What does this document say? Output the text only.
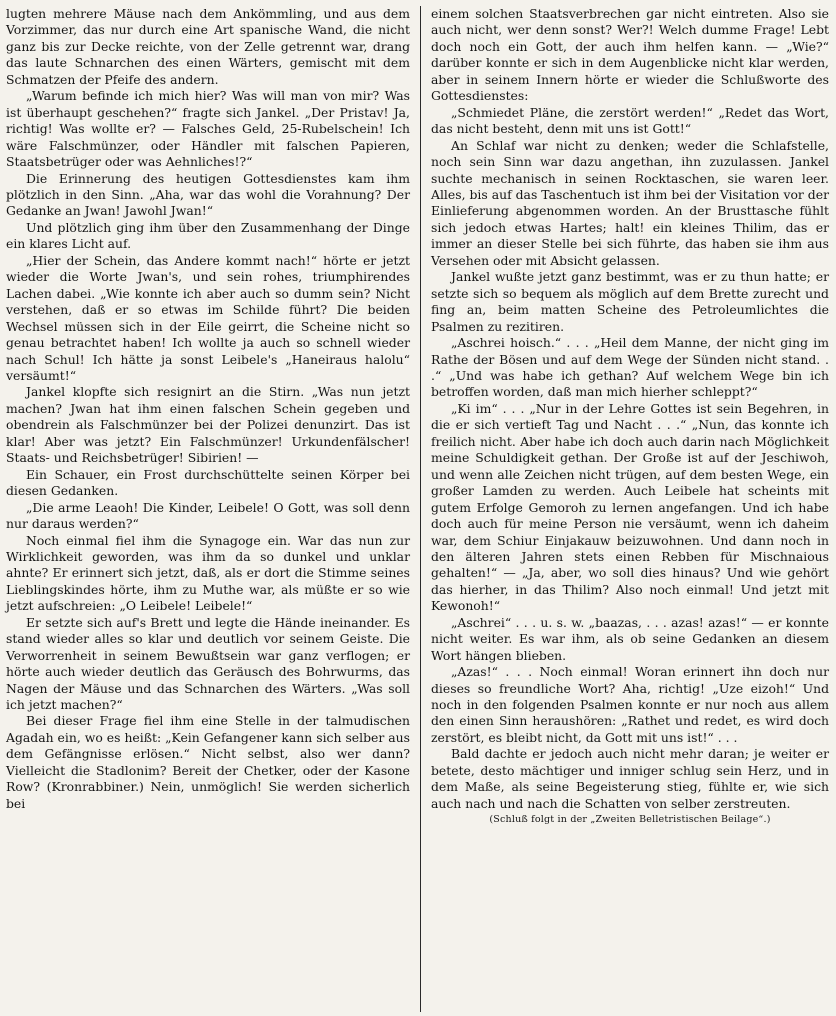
lugten mehrere Mäuse nach dem Ankömmling, und aus dem Vorzimmer, das nur durch eine Art spanische Wand, die nicht ganz bis zur Decke reichte, von der Zelle getrennt war, drang das laute Schnarchen des einen Wärters, gemischt mit dem Schmatzen der Pfeife des andern.

„Warum befinde ich mich hier? Was will man von mir? Was ist überhaupt geschehen?“ fragte sich Jankel. „Der Pristav! Ja, richtig! Was wollte er? — Falsches Geld, 25-Rubelschein! Ich wäre Falschmünzer, oder Händler mit falschen Papieren, Staatsbetrüger oder was Aehnliches!?“

Die Erinnerung des heutigen Gottesdienstes kam ihm plötzlich in den Sinn. „Aha, war das wohl die Vorahnung? Der Gedanke an Jwan! Jawohl Jwan!“

Und plötzlich ging ihm über den Zusammenhang der Dinge ein klares Licht auf.

„Hier der Schein, das Andere kommt nach!“ hörte er jetzt wieder die Worte Jwan's, und sein rohes, triumphirendes Lachen dabei. „Wie konnte ich aber auch so dumm sein? Nicht verstehen, daß er so etwas im Schilde führt? Die beiden Wechsel müssen sich in der Eile geirrt, die Scheine nicht so genau betrachtet haben! Ich wollte ja auch so schnell wieder nach Schul! Ich hätte ja sonst Leibele's „Haneiraus halolu“ versäumt!“

Jankel klopfte sich resignirt an die Stirn. „Was nun jetzt machen? Jwan hat ihm einen falschen Schein gegeben und obendrein als Falschmünzer bei der Polizei denunzirt. Das ist klar! Aber was jetzt? Ein Falschmünzer! Urkundenfälscher! Staats- und Reichsbetrüger! Sibirien! —

Ein Schauer, ein Frost durchschüttelte seinen Körper bei diesen Gedanken.

„Die arme Leaoh! Die Kinder, Leibele! O Gott, was soll denn nur daraus werden?“

Noch einmal fiel ihm die Synagoge ein. War das nun zur Wirklichkeit geworden, was ihm da so dunkel und unklar ahnte? Er erinnert sich jetzt, daß, als er dort die Stimme seines Lieblingskindes hörte, ihm zu Muthe war, als müßte er so wie jetzt aufschreien: „O Leibele! Leibele!“

Er setzte sich auf's Brett und legte die Hände ineinander. Es stand wieder alles so klar und deutlich vor seinem Geiste. Die Verworrenheit in seinem Bewußtsein war ganz verflogen; er hörte auch wieder deutlich das Geräusch des Bohrwurms, das Nagen der Mäuse und das Schnarchen des Wärters. „Was soll ich jetzt machen?“

Bei dieser Frage fiel ihm eine Stelle in der talmudischen Agadah ein, wo es heißt: „Kein Gefangener kann sich selber aus dem Gefängnisse erlösen.“ Nicht selbst, also wer dann? Vielleicht die Stadlonim? Bereit der Chetker, oder der Kasone Row? (Kronrabbiner.) Nein, unmöglich! Sie werden sicherlich bei

einem solchen Staatsverbrechen gar nicht eintreten. Also sie auch nicht, wer denn sonst? Wer?! Welch dumme Frage! Lebt doch noch ein Gott, der auch ihm helfen kann. — „Wie?“ darüber konnte er sich in dem Augenblicke nicht klar werden, aber in seinem Innern hörte er wieder die Schlußworte des Gottesdienstes:

„Schmiedet Pläne, die zerstört werden!“ „Redet das Wort, das nicht besteht, denn mit uns ist Gott!“

An Schlaf war nicht zu denken; weder die Schlafstelle, noch sein Sinn war dazu angethan, ihn zuzulassen. Jankel suchte mechanisch in seinen Rocktaschen, sie waren leer. Alles, bis auf das Taschentuch ist ihm bei der Visitation vor der Einlieferung abgenommen worden. An der Brusttasche fühlt sich jedoch etwas Hartes; halt! ein kleines Thilim, das er immer an dieser Stelle bei sich führte, das haben sie ihm aus Versehen oder mit Absicht gelassen.

Jankel wußte jetzt ganz bestimmt, was er zu thun hatte; er setzte sich so bequem als möglich auf dem Brette zurecht und fing an, beim matten Scheine des Petroleumlichtes die Psalmen zu rezitiren.

„Aschrei hoisch.“ . . . „Heil dem Manne, der nicht ging im Rathe der Bösen und auf dem Wege der Sünden nicht stand. . .“ „Und was habe ich gethan? Auf welchem Wege bin ich betroffen worden, daß man mich hierher schleppt?“

„Ki im“ . . . „Nur in der Lehre Gottes ist sein Begehren, in die er sich vertieft Tag und Nacht . . .“ „Nun, das konnte ich freilich nicht. Aber habe ich doch auch darin nach Möglichkeit meine Schuldigkeit gethan. Der Große ist auf der Jeschiwoh, und wenn alle Zeichen nicht trügen, auf dem besten Wege, ein großer Lamden zu werden. Auch Leibele hat scheints mit gutem Erfolge Gemoroh zu lernen angefangen. Und ich habe doch auch für meine Person nie versäumt, wenn ich daheim war, dem Schiur Einjakauw beizuwohnen. Und dann noch in den älteren Jahren stets einen Rebben für Mischnaious gehalten!“ — „Ja, aber, wo soll dies hinaus? Und wie gehört das hierher, in das Thilim? Also noch einmal! Und jetzt mit Kewonoh!“

„Aschrei“ . . . u. s. w. „baazas, . . . azas! azas!“ — er konnte nicht weiter. Es war ihm, als ob seine Gedanken an diesem Wort hängen blieben.

„Azas!“ . . . Noch einmal! Woran erinnert ihn doch nur dieses so freundliche Wort? Aha, richtig! „Uze eizoh!“ Und noch in den folgenden Psalmen konnte er nur noch aus allem den einen Sinn heraushören: „Rathet und redet, es wird doch zerstört, es bleibt nicht, da Gott mit uns ist!“ . . .

Bald dachte er jedoch auch nicht mehr daran; je weiter er betete, desto mächtiger und inniger schlug sein Herz, und in dem Maße, als seine Begeisterung stieg, fühlte er, wie sich auch nach und nach die Schatten von selber zerstreuten.

(Schluß folgt in der „Zweiten Belletristischen Beilage“.)
